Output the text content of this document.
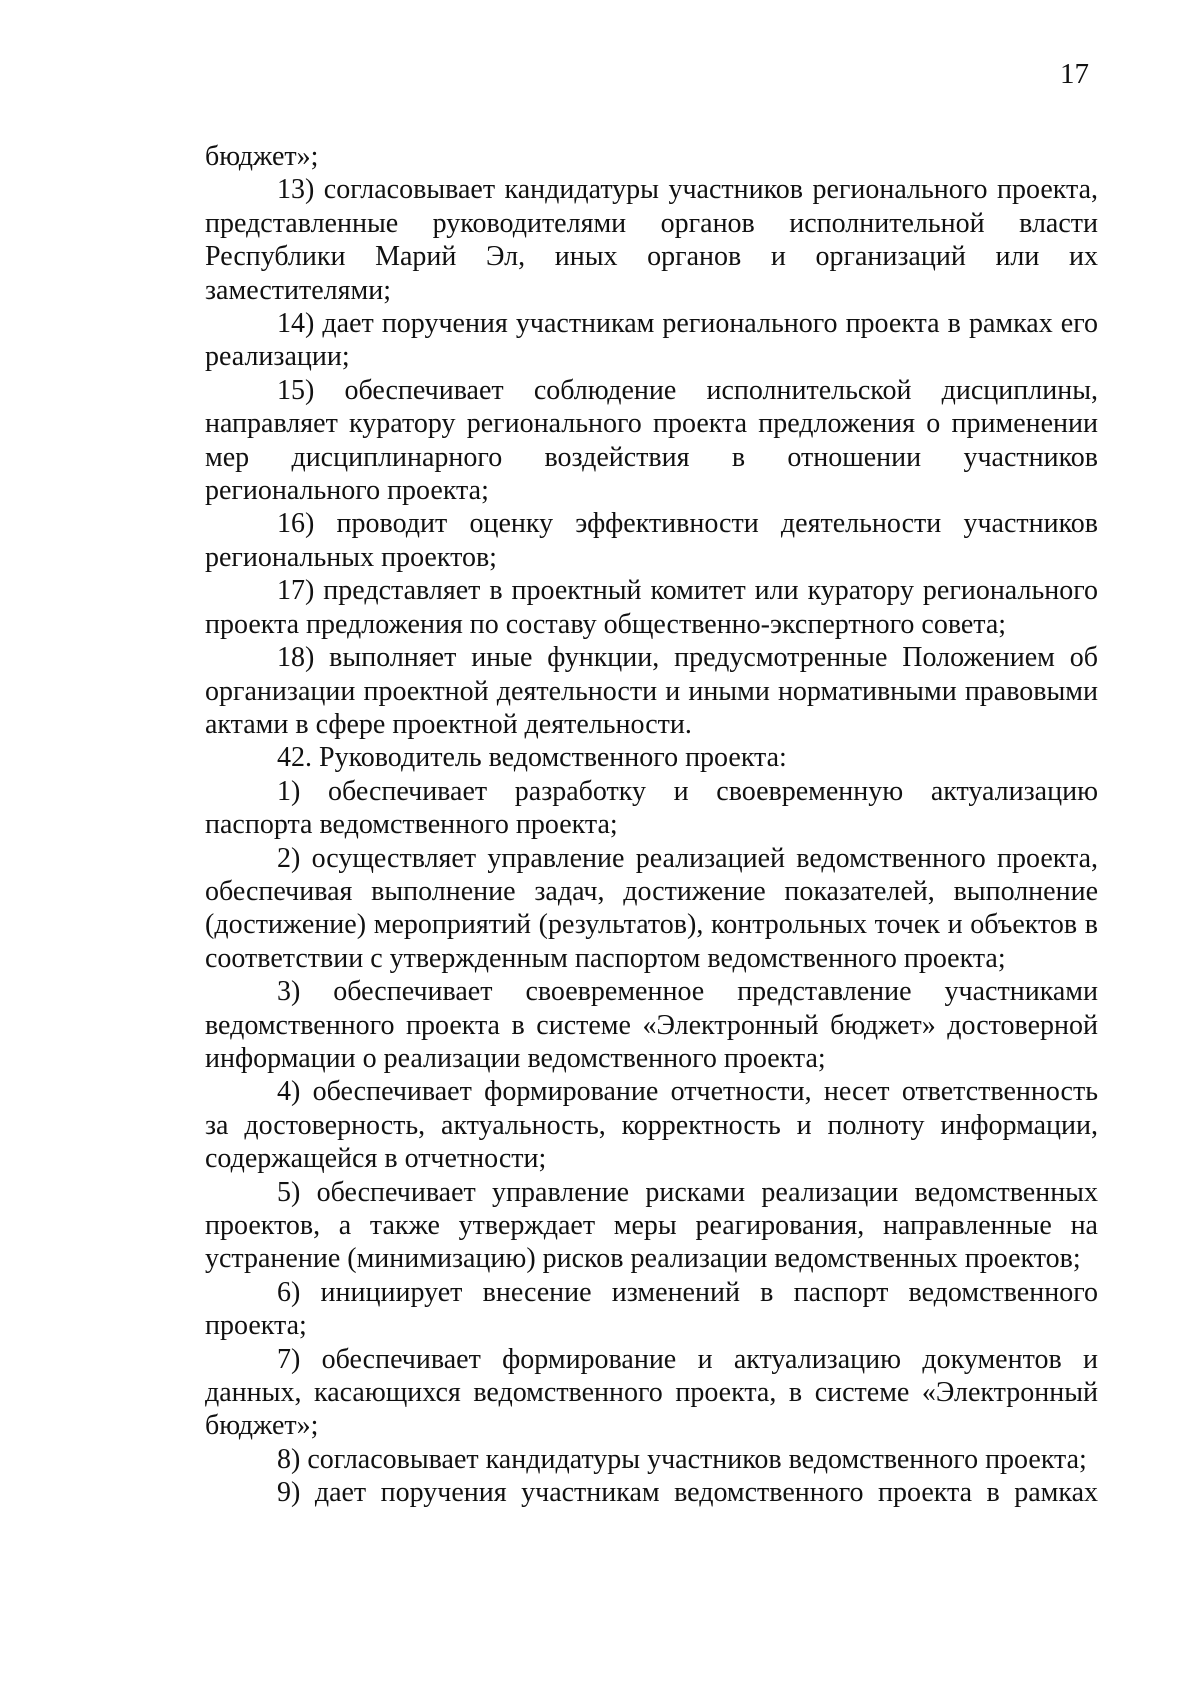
17

бюджет»;

13) согласовывает кандидатуры участников регионального проекта, представленные руководителями органов исполнительной власти Республики Марий Эл, иных органов и организаций или их заместителями;

14) дает поручения участникам регионального проекта в рамках его реализации;

15) обеспечивает соблюдение исполнительской дисциплины, направляет куратору регионального проекта предложения о применении мер дисциплинарного воздействия в отношении участников регионального проекта;

16) проводит оценку эффективности деятельности участников региональных проектов;

17) представляет в проектный комитет или куратору регионального проекта предложения по составу общественно-экспертного совета;

18) выполняет иные функции, предусмотренные Положением об организации проектной деятельности и иными нормативными правовыми актами в сфере проектной деятельности.

42. Руководитель ведомственного проекта:

1) обеспечивает разработку и своевременную актуализацию паспорта ведомственного проекта;

2) осуществляет управление реализацией ведомственного проекта, обеспечивая выполнение задач, достижение показателей, выполнение (достижение) мероприятий (результатов), контрольных точек и объектов в соответствии с утвержденным паспортом ведомственного проекта;

3) обеспечивает своевременное представление участниками ведомственного проекта в системе «Электронный бюджет» достоверной информации о реализации ведомственного проекта;

4) обеспечивает формирование отчетности, несет ответственность за достоверность, актуальность, корректность и полноту информации, содержащейся в отчетности;

5) обеспечивает управление рисками реализации ведомственных проектов, а также утверждает меры реагирования, направленные на устранение (минимизацию) рисков реализации ведомственных проектов;

6) инициирует внесение изменений в паспорт ведомственного проекта;

7) обеспечивает формирование и актуализацию документов и данных, касающихся ведомственного проекта, в системе «Электронный бюджет»;

8) согласовывает кандидатуры участников ведомственного проекта;

9) дает поручения участникам ведомственного проекта в рамках
